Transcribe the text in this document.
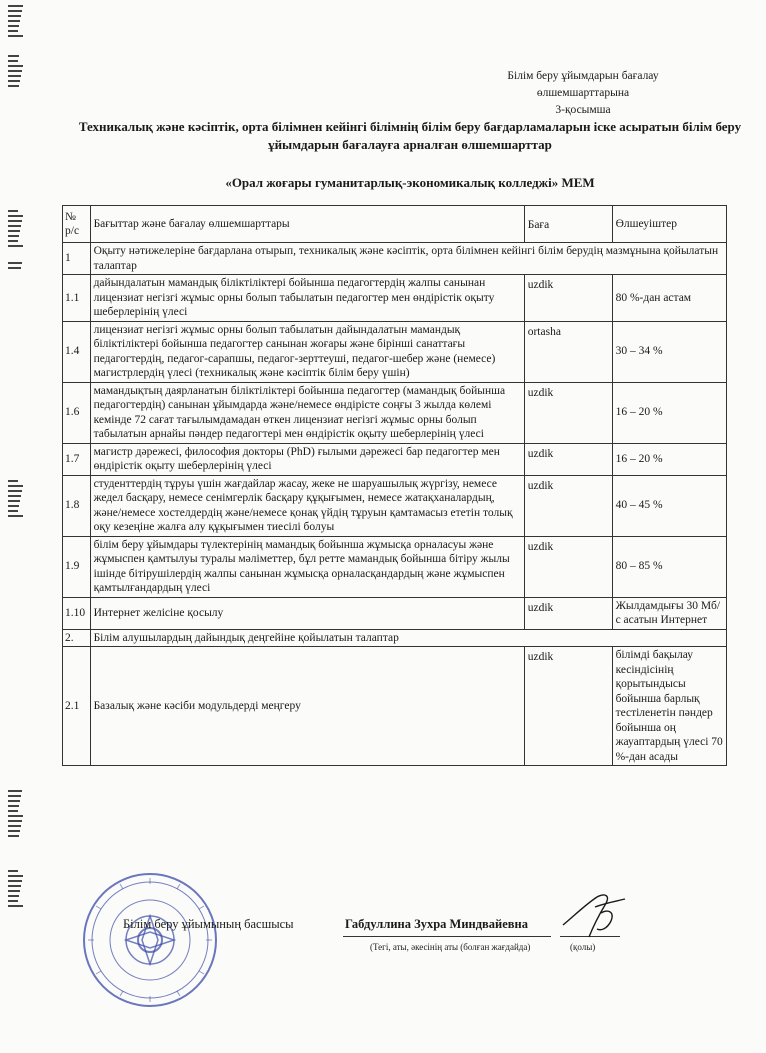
Білім беру ұйымдарын бағалау
өлшемшарттарына
3-қосымша
Техникалық және кәсіптік, орта білімнен кейінгі білімнің білім беру бағдарламаларын іске асыратын білім беру ұйымдарын бағалауға арналған өлшемшарттар
«Орал жоғары гуманитарлық-экономикалық колледжі» МЕМ
№ р/с	Бағыттар және бағалау өлшемшарттары	Баға	Өлшеуіштер
1	Оқыту нәтижелеріне бағдарлана отырып, техникалық және кәсіптік, орта білімнен кейінгі білім берудің мазмұнына қойылатын талаптар		
1.1	дайындалатын мамандық біліктіліктері бойынша педагогтердің жалпы санынан лицензиат негізгі жұмыс орны болып табылатын педагогтер мен өндірістік оқыту шеберлерінің үлесі	uzdik	80 %-дан астам
1.4	лицензиат негізгі жұмыс орны болып табылатын дайындалатын мамандық біліктіліктері бойынша педагогтер санынан жоғары және бірінші санаттағы педагогтердің, педагог-сарапшы, педагог-зерттеуші, педагог-шебер және (немесе) магистрлердің үлесі (техникалық және кәсіптік білім беру үшін)	ortasha	30 – 34 %
1.6	мамандықтың даярланатын біліктіліктері бойынша педагогтер (мамандық бойынша педагогтердің) санынан ұйымдарда және/немесе өндірісте соңғы 3 жылда көлемі кемінде 72 сағат тағылымдамадан өткен лицензиат негізгі жұмыс орны болып табылатын арнайы пәндер педагогтері мен өндірістік оқыту шеберлерінің үлесі	uzdik	16 – 20 %
1.7	магистр дәрежесі, философия докторы (PhD) ғылыми дәрежесі бар педагогтер мен өндірістік оқыту шеберлерінің үлесі	uzdik	16 – 20 %
1.8	студенттердің тұруы үшін жағдайлар жасау, жеке не шаруашылық жүргізу, немесе жедел басқару, немесе сенімгерлік басқару құқығымен, немесе жатақханалардың, және/немесе хостелдердің және/немесе қонақ үйдің тұруын қамтамасыз ететін толық оқу кезеңіне жалға алу құқығымен тиесілі болуы	uzdik	40 – 45 %
1.9	білім беру ұйымдары түлектерінің мамандық бойынша жұмысқа орналасуы және жұмыспен қамтылуы туралы мәліметтер, бұл ретте мамандық бойынша бітіру жылы ішінде бітірушілердің жалпы санынан жұмысқа орналасқандардың және жұмыспен қамтылғандардың үлесі	uzdik	80 – 85 %
1.10	Интернет желісіне қосылу	uzdik	Жылдамдығы 30 Мб/с асатын Интернет
2.	Білім алушылардың дайындық деңгейіне қойылатын талаптар		
2.1	Базалық және кәсіби модульдерді меңгеру	uzdik	білімді бақылау кесіндісінің қорытындысы бойынша барлық тестіленетін пәндер бойынша оң жауаптардың үлесі 70 %-дан асады
Білім беру ұйымының басшысы	Габдуллина Зухра Миндвайевна
(Тегі, аты, әкесінің аты (болған жағдайда)	(қолы)
